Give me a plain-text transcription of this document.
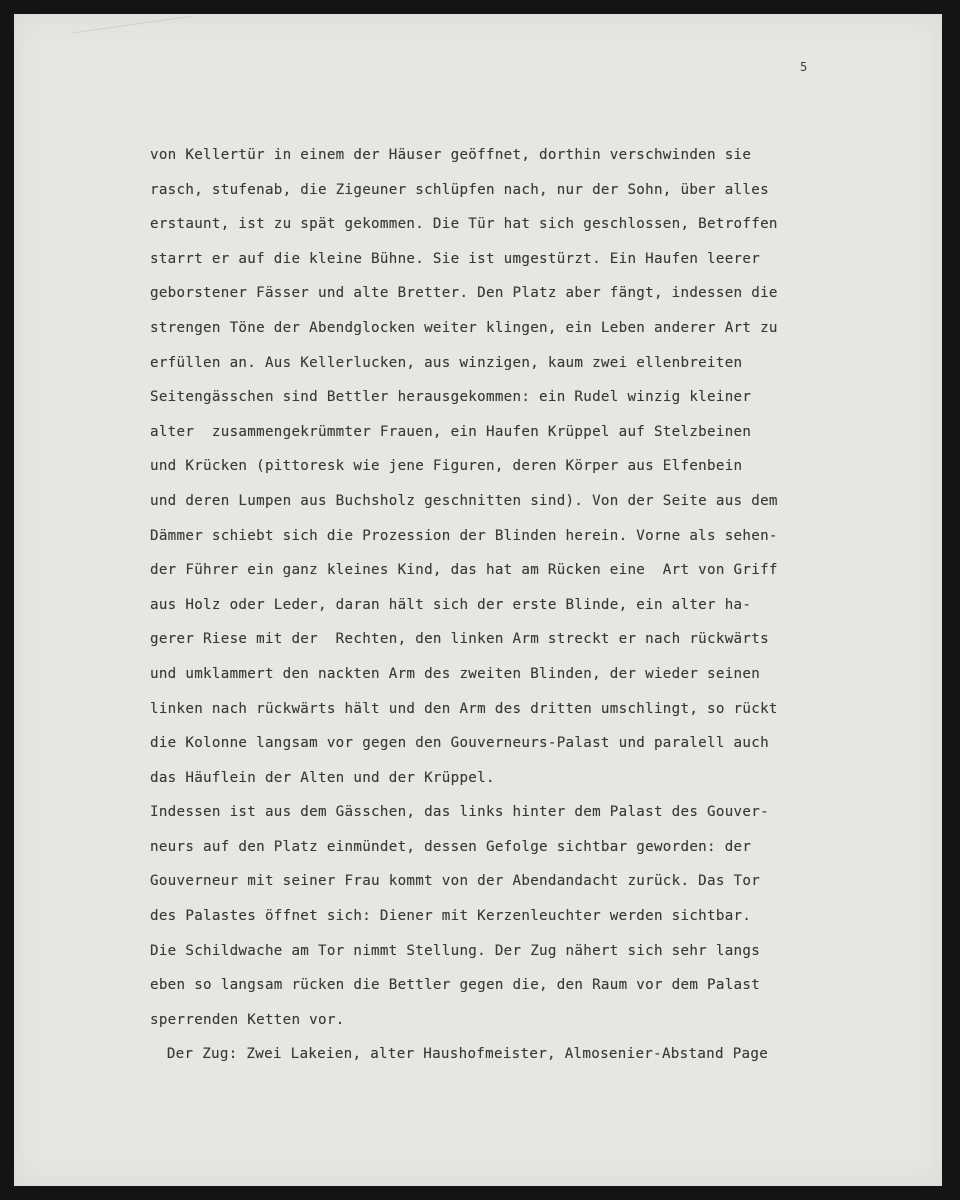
5
von Kellertür in einem der Häuser geöffnet, dorthin verschwinden sie
rasch, stufenab, die Zigeuner schlüpfen nach, nur der Sohn, über alles
erstaunt, ist zu spät gekommen. Die Tür hat sich geschlossen, Betroffen
starrt er auf die kleine Bühne. Sie ist umgestürzt. Ein Haufen leerer
geborstener Fässer und alte Bretter. Den Platz aber fängt, indessen die
strengen Töne der Abendglocken weiter klingen, ein Leben anderer Art zu
erfüllen an. Aus Kellerlucken, aus winzigen, kaum zwei ellenbreiten
Seitengässchen sind Bettler herausgekommen: ein Rudel winzig kleiner
alter  zusammengekrümmter Frauen, ein Haufen Krüppel auf Stelzbeinen
und Krücken (pittoresk wie jene Figuren, deren Körper aus Elfenbein
und deren Lumpen aus Buchsholz geschnitten sind). Von der Seite aus dem
Dämmer schiebt sich die Prozession der Blinden herein. Vorne als sehen-
der Führer ein ganz kleines Kind, das hat am Rücken eine  Art von Griff
aus Holz oder Leder, daran hält sich der erste Blinde, ein alter ha-
gerer Riese mit der  Rechten, den linken Arm streckt er nach rückwärts
und umklammert den nackten Arm des zweiten Blinden, der wieder seinen
linken nach rückwärts hält und den Arm des dritten umschlingt, so rückt
die Kolonne langsam vor gegen den Gouverneurs-Palast und paralell auch
das Häuflein der Alten und der Krüppel.
Indessen ist aus dem Gässchen, das links hinter dem Palast des Gouver-
neurs auf den Platz einmündet, dessen Gefolge sichtbar geworden: der
Gouverneur mit seiner Frau kommt von der Abendandacht zurück. Das Tor
des Palastes öffnet sich: Diener mit Kerzenleuchter werden sichtbar.
Die Schildwache am Tor nimmt Stellung. Der Zug nähert sich sehr langs
eben so langsam rücken die Bettler gegen die, den Raum vor dem Palast
sperrenden Ketten vor.
Der Zug: Zwei Lakeien, alter Haushofmeister, Almosenier-Abstand Page
